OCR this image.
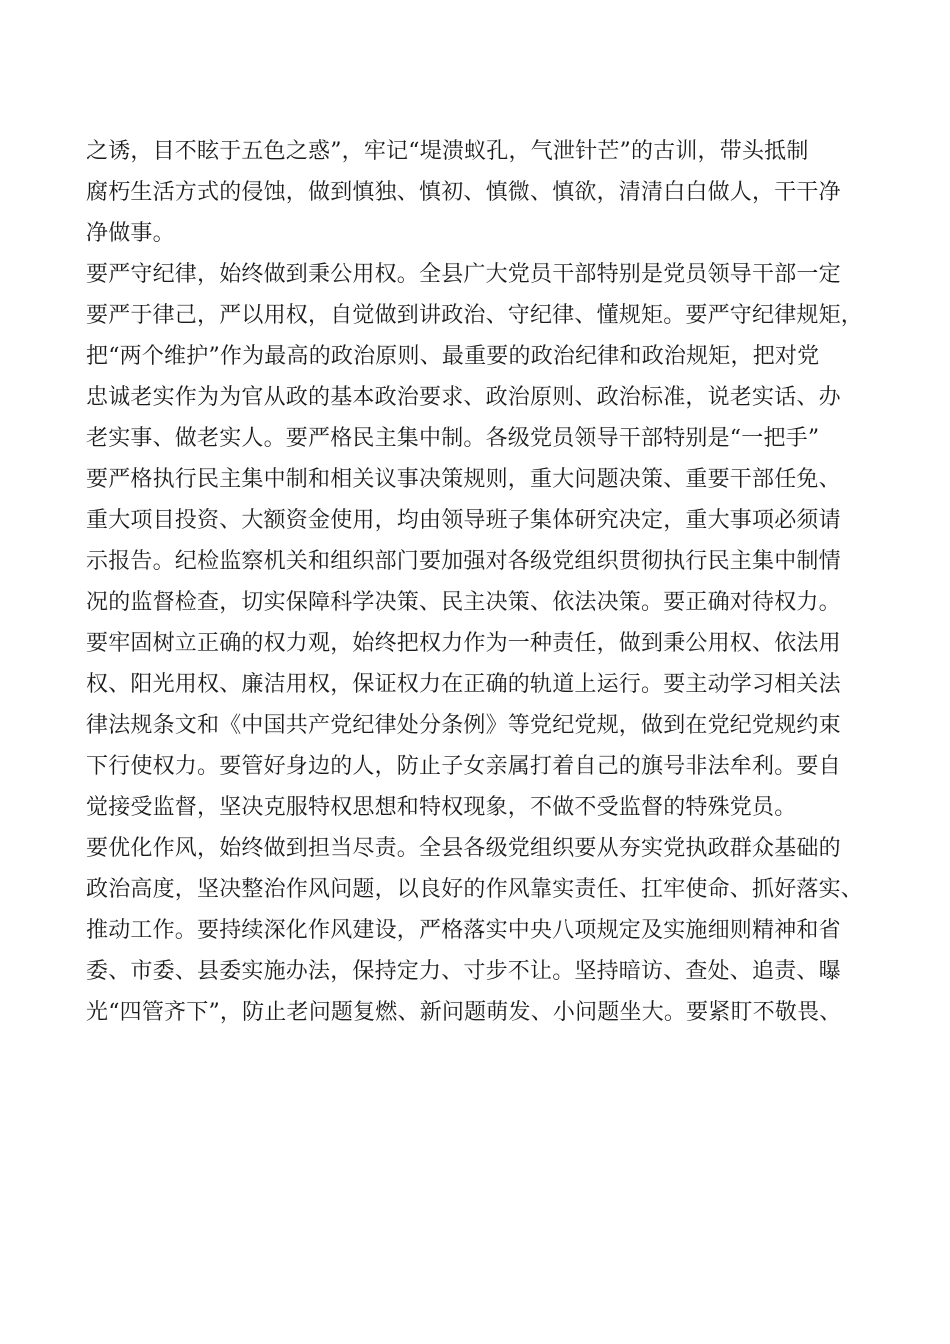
之诱，目不眩于五色之惑”，牢记“堤溃蚁孔，气泄针芒”的古训，带头抵制
腐朽生活方式的侵蚀，做到慎独、慎初、慎微、慎欲，清清白白做人，干干净
净做事。
要严守纪律，始终做到秉公用权。全县广大党员干部特别是党员领导干部一定
要严于律己，严以用权，自觉做到讲政治、守纪律、懂规矩。要严守纪律规矩，
把“两个维护”作为最高的政治原则、最重要的政治纪律和政治规矩，把对党
忠诚老实作为为官从政的基本政治要求、政治原则、政治标准，说老实话、办
老实事、做老实人。要严格民主集中制。各级党员领导干部特别是“一把手”
要严格执行民主集中制和相关议事决策规则，重大问题决策、重要干部任免、
重大项目投资、大额资金使用，均由领导班子集体研究决定，重大事项必须请
示报告。纪检监察机关和组织部门要加强对各级党组织贯彻执行民主集中制情
况的监督检查，切实保障科学决策、民主决策、依法决策。要正确对待权力。
要牢固树立正确的权力观，始终把权力作为一种责任，做到秉公用权、依法用
权、阳光用权、廉洁用权，保证权力在正确的轨道上运行。要主动学习相关法
律法规条文和《中国共产党纪律处分条例》等党纪党规，做到在党纪党规约束
下行使权力。要管好身边的人，防止子女亲属打着自己的旗号非法牟利。要自
觉接受监督，坚决克服特权思想和特权现象，不做不受监督的特殊党员。
要优化作风，始终做到担当尽责。全县各级党组织要从夯实党执政群众基础的
政治高度，坚决整治作风问题，以良好的作风靠实责任、扛牢使命、抓好落实、
推动工作。要持续深化作风建设，严格落实中央八项规定及实施细则精神和省
委、市委、县委实施办法，保持定力、寸步不让。坚持暗访、查处、追责、曝
光“四管齐下”，防止老问题复燃、新问题萌发、小问题坐大。要紧盯不敬畏、
